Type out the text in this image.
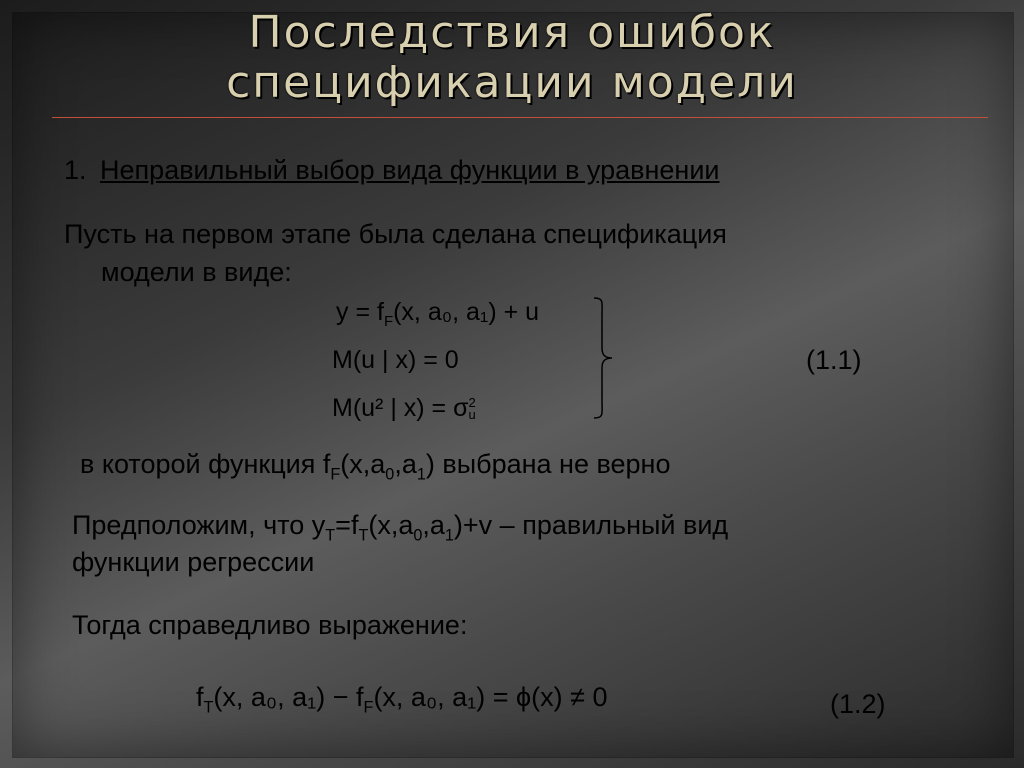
Последствия ошибок
спецификации модели
1. Неправильный выбор вида функции в уравнении
Пусть на первом этапе была сделана спецификация
модели в виде:
$y = f_F(x$, a₀, a₁) + u
M(u | x) = 0
M(u² | x) = σ 2
u
(1.1)
в которой функция $f_F(x,a_0,a_1)$ выбрана не верно
Предположим, что $y_T=f_T(x,a_0,a_1)+v$ – правильный вид
функции регрессии
Тогда справедливо выражение:
$f_T(x$, a₀, $a_1) - f_F(x$, a₀, a₁) = ϕ(x) ≠ 0	(1.2)
